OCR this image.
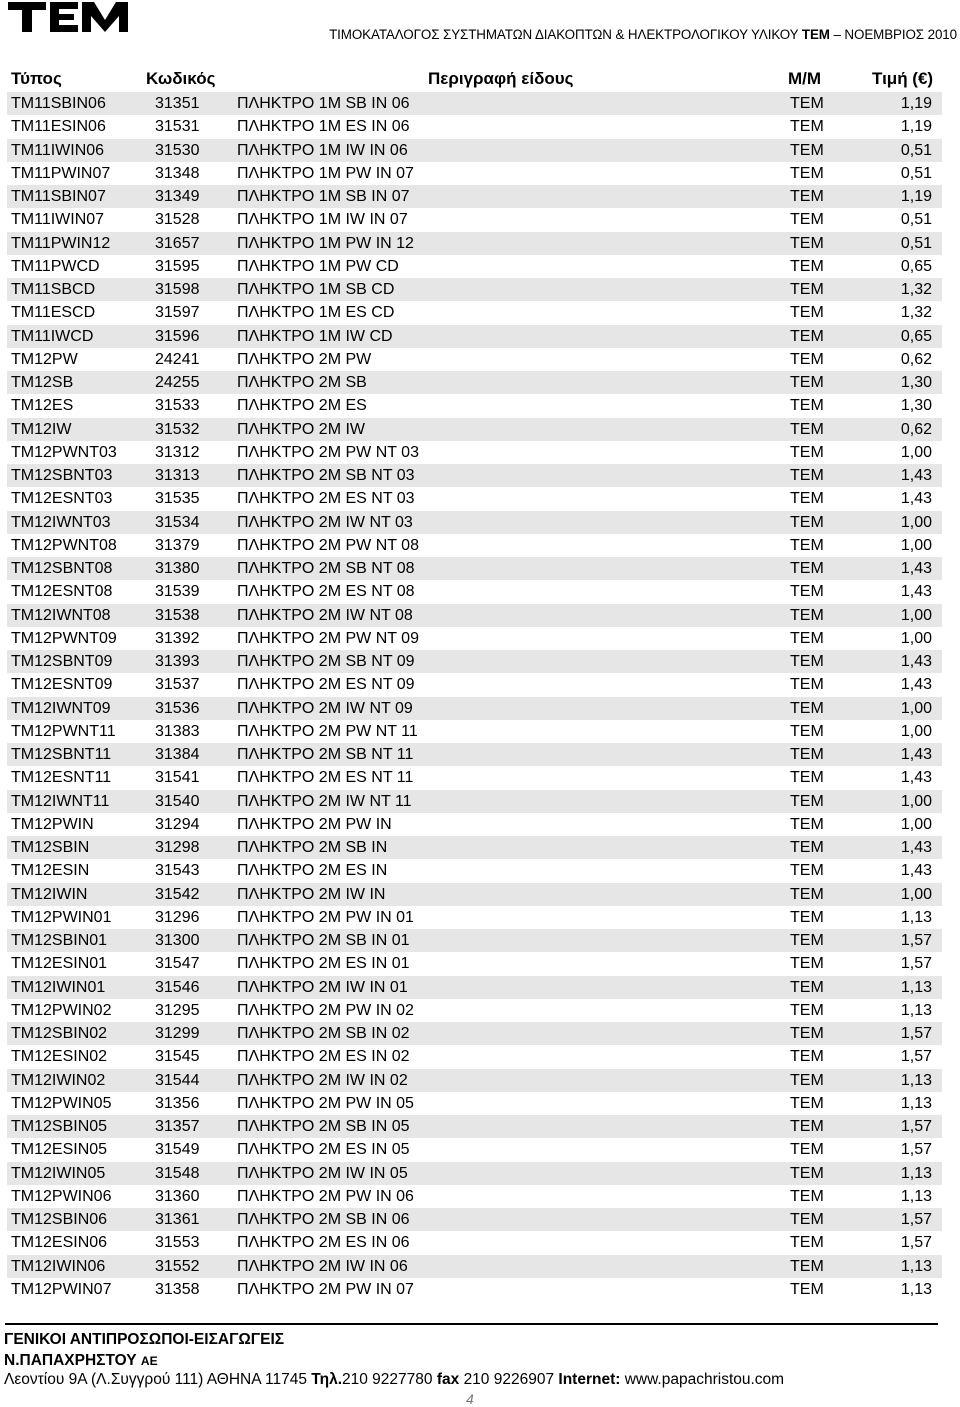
ΤΙΜΟΚΑΤΑΛΟΓΟΣ ΣΥΣΤΗΜΑΤΩΝ ΔΙΑΚΟΠΤΩΝ & ΗΛΕΚΤΡΟΛΟΓΙΚΟΥ ΥΛΙΚΟΥ TEM – ΝΟΕΜΒΡΙΟΣ 2010
Τύπος	Κωδικός	Περιγραφή είδους	Μ/Μ	Τιμή (€)
TM11SBIN06	31351 ΠΛΗΚΤΡΟ 1Μ SB IN 06	TEM	1,19
TM11ESIN06	31531 ΠΛΗΚΤΡΟ 1Μ ES IN 06	TEM	1,19
TM11IWIN06	31530 ΠΛΗΚΤΡΟ 1Μ IW IN 06	TEM	0,51
TM11PWIN07	31348 ΠΛΗΚΤΡΟ 1Μ PW IN 07	TEM	0,51
TM11SBIN07	31349 ΠΛΗΚΤΡΟ 1Μ SB IN 07	TEM	1,19
TM11IWIN07	31528 ΠΛΗΚΤΡΟ 1Μ IW IN 07	TEM	0,51
TM11PWIN12	31657 ΠΛΗΚΤΡΟ 1Μ PW IN 12	TEM	0,51
TM11PWCD	31595 ΠΛΗΚΤΡΟ 1Μ PW CD	TEM	0,65
TM11SBCD	31598 ΠΛΗΚΤΡΟ 1Μ SB CD	TEM	1,32
TM11ESCD	31597 ΠΛΗΚΤΡΟ 1Μ ES CD	TEM	1,32
TM11IWCD	31596 ΠΛΗΚΤΡΟ 1Μ IW CD	TEM	0,65
TM12PW	24241 ΠΛΗΚΤΡΟ 2Μ PW	TEM	0,62
TM12SB	24255 ΠΛΗΚΤΡΟ 2Μ SB	TEM	1,30
TM12ES	31533 ΠΛΗΚΤΡΟ 2Μ ES	TEM	1,30
TM12IW	31532 ΠΛΗΚΤΡΟ 2Μ IW	TEM	0,62
TM12PWNT03 31312 ΠΛΗΚΤΡΟ 2Μ PW NT 03	TEM	1,00
TM12SBNT03	31313 ΠΛΗΚΤΡΟ 2Μ SB NT 03	TEM	1,43
TM12ESNT03	31535 ΠΛΗΚΤΡΟ 2Μ ES NT 03	TEM	1,43
TM12IWNT03	31534 ΠΛΗΚΤΡΟ 2Μ IW NT 03	TEM	1,00
TM12PWNT08 31379 ΠΛΗΚΤΡΟ 2Μ PW NT 08	TEM	1,00
TM12SBNT08	31380 ΠΛΗΚΤΡΟ 2Μ SB NT 08	TEM	1,43
TM12ESNT08	31539 ΠΛΗΚΤΡΟ 2Μ ES NT 08	TEM	1,43
TM12IWNT08	31538 ΠΛΗΚΤΡΟ 2Μ IW NT 08	TEM	1,00
TM12PWNT09 31392 ΠΛΗΚΤΡΟ 2Μ PW NT 09	TEM	1,00
TM12SBNT09	31393 ΠΛΗΚΤΡΟ 2Μ SB NT 09	TEM	1,43
TM12ESNT09	31537 ΠΛΗΚΤΡΟ 2Μ ES NT 09	TEM	1,43
TM12IWNT09	31536 ΠΛΗΚΤΡΟ 2Μ IW NT 09	TEM	1,00
TM12PWNT11 31383 ΠΛΗΚΤΡΟ 2Μ PW NT 11	TEM	1,00
TM12SBNT11	31384 ΠΛΗΚΤΡΟ 2Μ SB NT 11	TEM	1,43
TM12ESNT11	31541 ΠΛΗΚΤΡΟ 2Μ ES NT 11	TEM	1,43
TM12IWNT11	31540 ΠΛΗΚΤΡΟ 2Μ IW NT 11	TEM	1,00
TM12PWIN	31294 ΠΛΗΚΤΡΟ 2Μ PW IN	TEM	1,00
TM12SBIN	31298 ΠΛΗΚΤΡΟ 2Μ SB IN	TEM	1,43
TM12ESIN	31543 ΠΛΗΚΤΡΟ 2Μ ES IN	TEM	1,43
TM12IWIN	31542 ΠΛΗΚΤΡΟ 2Μ IW IN	TEM	1,00
TM12PWIN01	31296 ΠΛΗΚΤΡΟ 2Μ PW IN 01	TEM	1,13
TM12SBIN01	31300 ΠΛΗΚΤΡΟ 2Μ SB IN 01	TEM	1,57
TM12ESIN01	31547 ΠΛΗΚΤΡΟ 2Μ ES IN 01	TEM	1,57
TM12IWIN01	31546 ΠΛΗΚΤΡΟ 2Μ IW IN 01	TEM	1,13
TM12PWIN02	31295 ΠΛΗΚΤΡΟ 2Μ PW IN 02	TEM	1,13
TM12SBIN02	31299 ΠΛΗΚΤΡΟ 2Μ SB IN 02	TEM	1,57
TM12ESIN02	31545 ΠΛΗΚΤΡΟ 2Μ ES IN 02	TEM	1,57
TM12IWIN02	31544 ΠΛΗΚΤΡΟ 2Μ IW IN 02	TEM	1,13
TM12PWIN05	31356 ΠΛΗΚΤΡΟ 2Μ PW IN 05	TEM	1,13
TM12SBIN05	31357 ΠΛΗΚΤΡΟ 2Μ SB IN 05	TEM	1,57
TM12ESIN05	31549 ΠΛΗΚΤΡΟ 2Μ ES IN 05	TEM	1,57
TM12IWIN05	31548 ΠΛΗΚΤΡΟ 2Μ IW IN 05	TEM	1,13
TM12PWIN06	31360 ΠΛΗΚΤΡΟ 2Μ PW IN 06	TEM	1,13
TM12SBIN06	31361 ΠΛΗΚΤΡΟ 2Μ SB IN 06	TEM	1,57
TM12ESIN06	31553 ΠΛΗΚΤΡΟ 2Μ ES IN 06	TEM	1,57
TM12IWIN06	31552 ΠΛΗΚΤΡΟ 2Μ IW IN 06	TEM	1,13
TM12PWIN07	31358 ΠΛΗΚΤΡΟ 2Μ PW IN 07	TEM	1,13
ΓΕΝΙΚΟΙ ΑΝΤΙΠΡΟΣΩΠΟΙ-ΕΙΣΑΓΩΓΕΙΣ
Ν.ΠΑΠΑΧΡΗΣΤΟΥ ΑΕ
Λεοντίου 9Α (Λ.Συγγρού 111) ΑΘΗΝΑ 11745 Τηλ.210 9227780 fax 210 9226907 Internet: www.papachristou.com
4
